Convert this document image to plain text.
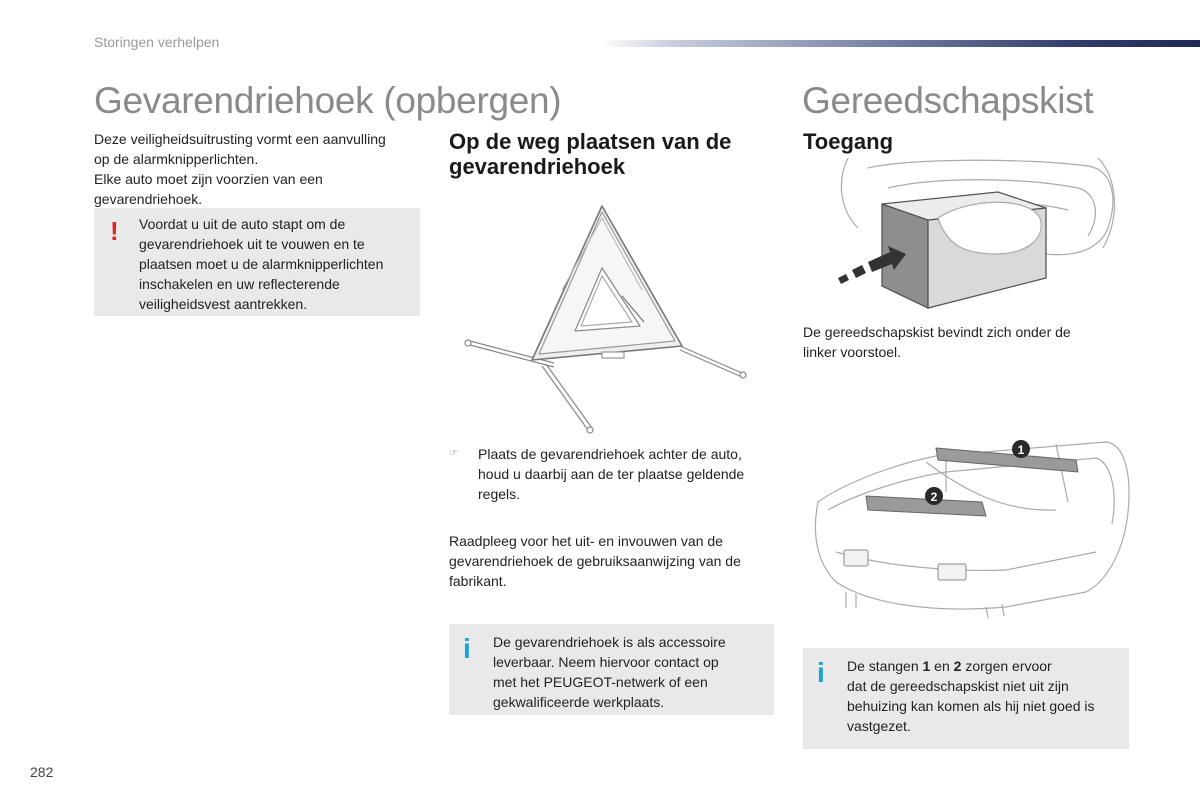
Storingen verhelpen
Gevarendriehoek (opbergen)

Deze veiligheidsuitrusting vormt een aanvulling

op de alarmknipperlichten.

Elke auto moet zijn voorzien van een

gevarendriehoek.

! Voordat u uit de auto stapt om de

gevarendriehoek uit te vouwen en te

plaatsen moet u de alarmknipperlichten

inschakelen en uw reflecterende

veiligheidsvest aantrekken.

Op de weg plaatsen van de
gevarendriehoek
☞ Plaats de gevarendriehoek achter de auto,

houd u daarbij aan de ter plaatse geldende

regels.

Raadpleeg voor het uit- en invouwen van de

gevarendriehoek de gebruiksaanwijzing van de

fabrikant.

i De gevarendriehoek is als accessoire

leverbaar. Neem hiervoor contact op

met het PEUGEOT-netwerk of een

gekwalificeerde werkplaats.

Gereedschapskist
Toegang

De gereedschapskist bevindt zich onder de

linker voorstoel.

1
2
i De stangen 1 en 2 zorgen ervoor

dat de gereedschapskist niet uit zijn

behuizing kan komen als hij niet goed is

vastgezet.

282
